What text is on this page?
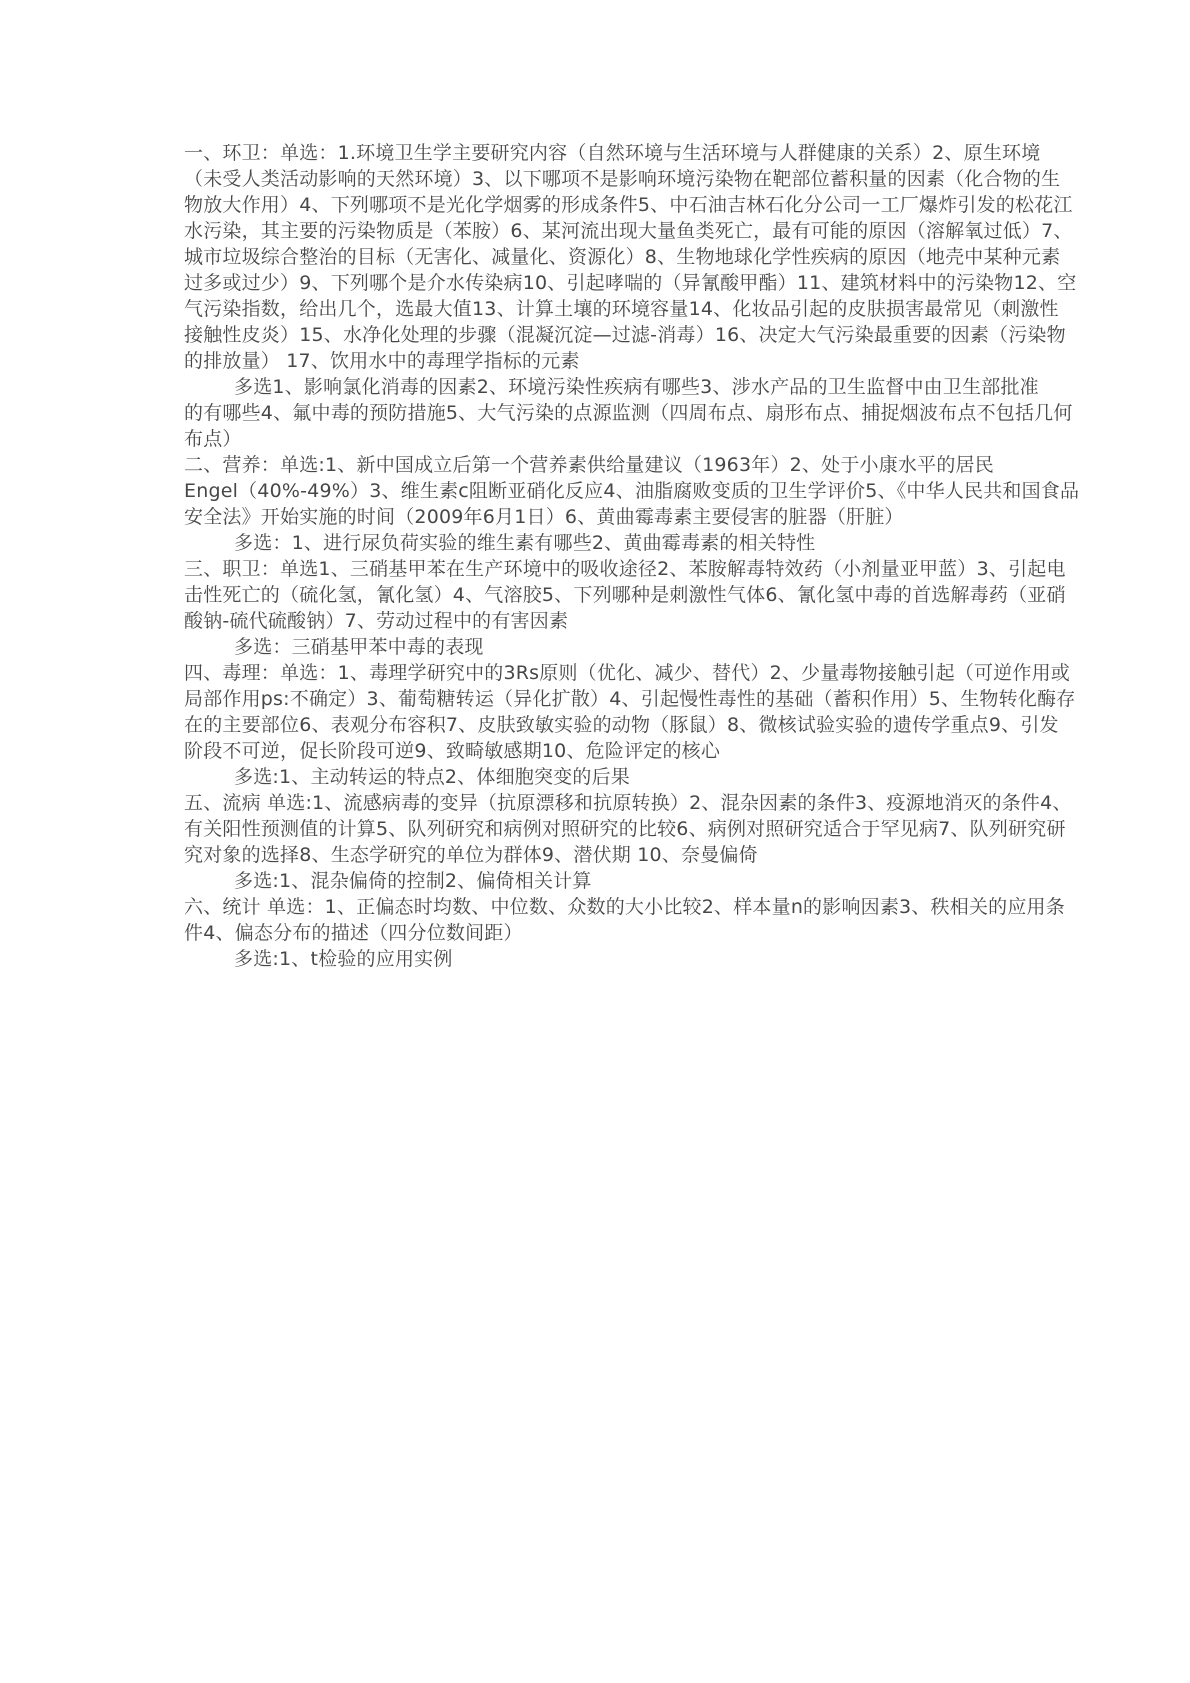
一、环卫：单选：1.环境卫生学主要研究内容（自然环境与生活环境与人群健康的关系）2、原生环境
（未受人类活动影响的天然环境）3、以下哪项不是影响环境污染物在靶部位蓄积量的因素（化合物的生
物放大作用）4、下列哪项不是光化学烟雾的形成条件5、中石油吉林石化分公司一工厂爆炸引发的松花江
水污染，其主要的污染物质是（苯胺）6、某河流出现大量鱼类死亡，最有可能的原因（溶解氧过低）7、
城市垃圾综合整治的目标（无害化、减量化、资源化）8、生物地球化学性疾病的原因（地壳中某种元素
过多或过少）9、下列哪个是介水传染病10、引起哮喘的（异氰酸甲酯）11、建筑材料中的污染物12、空
气污染指数，给出几个，选最大值13、计算土壤的环境容量14、化妆品引起的皮肤损害最常见（刺激性
接触性皮炎）15、水净化处理的步骤（混凝沉淀—过滤-消毒）16、决定大气污染最重要的因素（污染物
的排放量） 17、饮用水中的毒理学指标的元素
多选1、影响氯化消毒的因素2、环境污染性疾病有哪些3、涉水产品的卫生监督中由卫生部批准
的有哪些4、氟中毒的预防措施5、大气污染的点源监测（四周布点、扇形布点、捕捉烟波布点不包括几何
布点）
二、营养：单选:1、新中国成立后第一个营养素供给量建议（1963年）2、处于小康水平的居民
Engel（40%-49%）3、维生素c阻断亚硝化反应4、油脂腐败变质的卫生学评价5、《中华人民共和国食品
安全法》开始实施的时间（2009年6月1日）6、黄曲霉毒素主要侵害的脏器（肝脏）
多选：1、进行尿负荷实验的维生素有哪些2、黄曲霉毒素的相关特性
三、职卫：单选1、三硝基甲苯在生产环境中的吸收途径2、苯胺解毒特效药（小剂量亚甲蓝）3、引起电
击性死亡的（硫化氢，氰化氢）4、气溶胶5、下列哪种是刺激性气体6、氰化氢中毒的首选解毒药（亚硝
酸钠-硫代硫酸钠）7、劳动过程中的有害因素
多选：三硝基甲苯中毒的表现
四、毒理：单选：1、毒理学研究中的3Rs原则（优化、减少、替代）2、少量毒物接触引起（可逆作用或
局部作用ps:不确定）3、葡萄糖转运（异化扩散）4、引起慢性毒性的基础（蓄积作用）5、生物转化酶存
在的主要部位6、表观分布容积7、皮肤致敏实验的动物（豚鼠）8、微核试验实验的遗传学重点9、引发
阶段不可逆，促长阶段可逆9、致畸敏感期10、危险评定的核心
多选:1、主动转运的特点2、体细胞突变的后果
五、流病 单选:1、流感病毒的变异（抗原漂移和抗原转换）2、混杂因素的条件3、疫源地消灭的条件4、
有关阳性预测值的计算5、队列研究和病例对照研究的比较6、病例对照研究适合于罕见病7、队列研究研
究对象的选择8、生态学研究的单位为群体9、潜伏期 10、奈曼偏倚
多选:1、混杂偏倚的控制2、偏倚相关计算
六、统计 单选：1、正偏态时均数、中位数、众数的大小比较2、样本量n的影响因素3、秩相关的应用条
件4、偏态分布的描述（四分位数间距）
多选:1、t检验的应用实例
